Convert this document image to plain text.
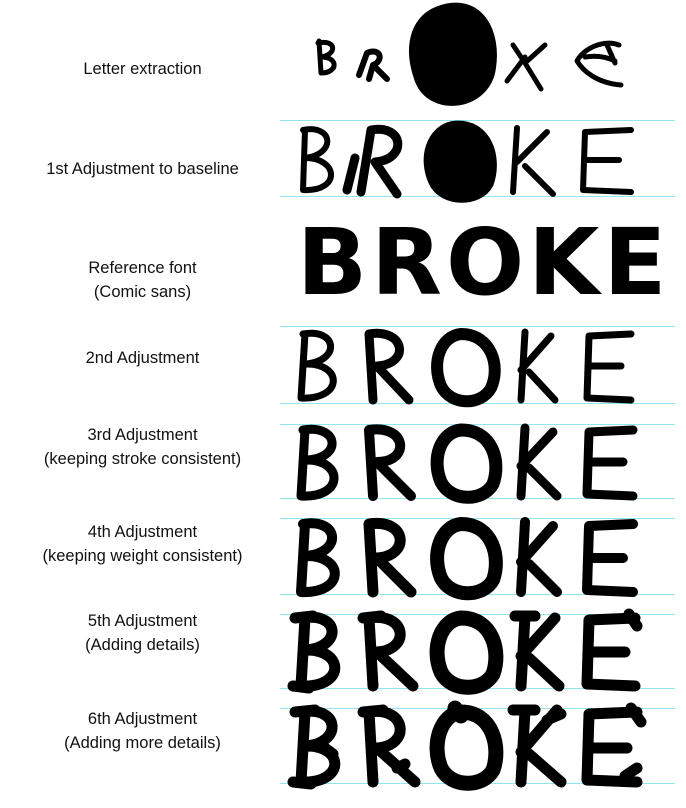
Letter extraction
1st Adjustment to baseline
Reference font
(Comic sans)
2nd Adjustment
3rd Adjustment
(keeping stroke consistent)
4th Adjustment
(keeping weight consistent)
5th Adjustment
(Adding details)
6th Adjustment
(Adding more details)
BROKE
